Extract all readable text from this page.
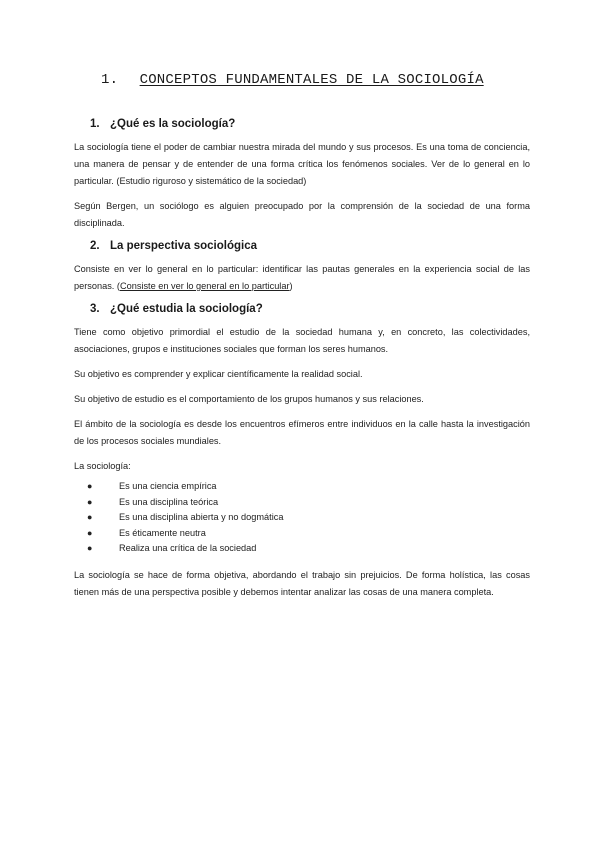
1. CONCEPTOS FUNDAMENTALES DE LA SOCIOLOGÍA
1. ¿Qué es la sociología?

La sociología tiene el poder de cambiar nuestra mirada del mundo y sus procesos. Es una toma de conciencia, una manera de pensar y de entender de una forma crítica los fenómenos sociales. Ver de lo general en lo particular. (Estudio riguroso y sistemático de la sociedad)

Según Bergen, un sociólogo es alguien preocupado por la comprensión de la sociedad de una forma disciplinada.

2. La perspectiva sociológica

Consiste en ver lo general en lo particular: identificar las pautas generales en la experiencia social de las personas. (Consiste en ver lo general en lo particular)

3. ¿Qué estudia la sociología?

Tiene como objetivo primordial el estudio de la sociedad humana y, en concreto, las colectividades, asociaciones, grupos e instituciones sociales que forman los seres humanos.

Su objetivo es comprender y explicar científicamente la realidad social.

Su objetivo de estudio es el comportamiento de los grupos humanos y sus relaciones.

El ámbito de la sociología es desde los encuentros efímeros entre individuos en la calle hasta la investigación de los procesos sociales mundiales.

La sociología:

●	Es una ciencia empírica
●	Es una disciplina teórica
●	Es una disciplina abierta y no dogmática
●	Es éticamente neutra
●	Realiza una crítica de la sociedad

La sociología se hace de forma objetiva, abordando el trabajo sin prejuicios. De forma holística, las cosas tienen más de una perspectiva posible y debemos intentar analizar las cosas de una manera completa.
